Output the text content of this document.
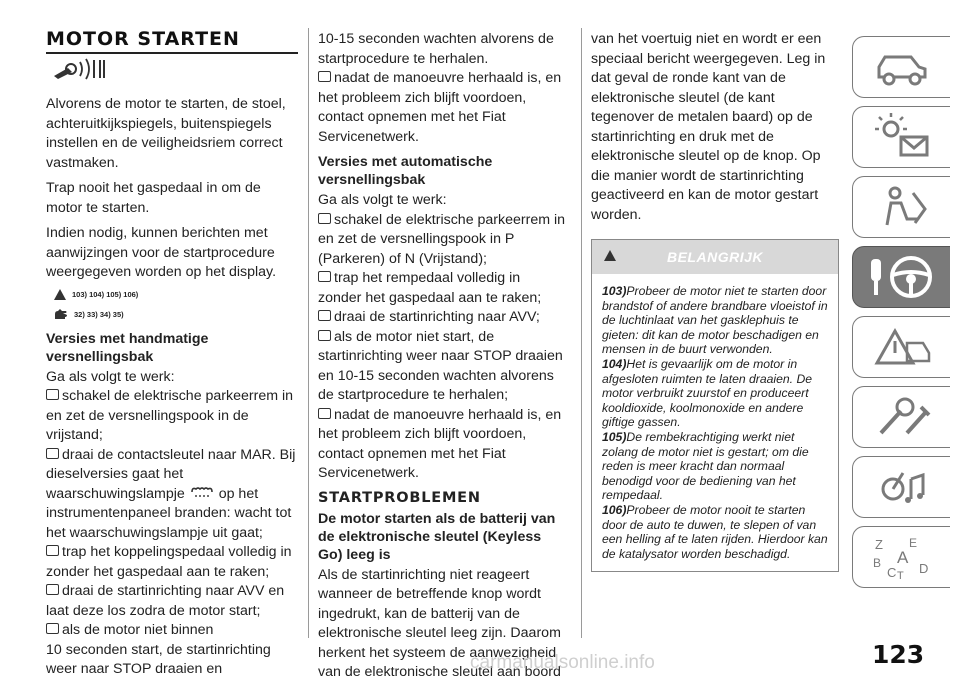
MOTOR STARTEN

Alvorens de motor te starten, de stoel, achteruitkijkspiegels, buitenspiegels instellen en de veiligheidsriem correct vastmaken.

Trap nooit het gaspedaal in om de motor te starten.

Indien nodig, kunnen berichten met aanwijzingen voor de startprocedure weergegeven worden op het display.

103) 104) 105) 106)
32) 33) 34) 35)
Versies met handmatige versnellingsbak

Ga als volgt te werk:

schakel de elektrische parkeerrem in en zet de versnellingspook in de vrijstand;

draai de contactsleutel naar MAR. Bij dieselversies gaat het waarschuwingslampje op het instrumentenpaneel branden: wacht tot het waarschuwingslampje uit gaat;

trap het koppelingspedaal volledig in zonder het gaspedaal aan te raken;

draai de startinrichting naar AVV en laat deze los zodra de motor start;

als de motor niet binnen

10 seconden start, de startinrichting weer naar STOP draaien en

10-15 seconden wachten alvorens de startprocedure te herhalen.

nadat de manoeuvre herhaald is, en het probleem zich blijft voordoen, contact opnemen met het Fiat Servicenetwerk.

Versies met automatische versnellingsbak

Ga als volgt te werk:

schakel de elektrische parkeerrem in en zet de versnellingspook in P (Parkeren) of N (Vrijstand);

trap het rempedaal volledig in zonder het gaspedaal aan te raken;

draai de startinrichting naar AVV;

als de motor niet start, de startinrichting weer naar STOP draaien en 10-15 seconden wachten alvorens de startprocedure te herhalen;

nadat de manoeuvre herhaald is, en het probleem zich blijft voordoen, contact opnemen met het Fiat Servicenetwerk.

STARTPROBLEMEN
De motor starten als de batterij van de elektronische sleutel (Keyless Go) leeg is

Als de startinrichting niet reageert wanneer de betreffende knop wordt ingedrukt, kan de batterij van de elektronische sleutel leeg zijn. Daarom herkent het systeem de aanwezigheid van de elektronische sleutel aan boord

van het voertuig niet en wordt er een speciaal bericht weergegeven. Leg in dat geval de ronde kant van de elektronische sleutel (de kant tegenover de metalen baard) op de startinrichting en druk met de elektronische sleutel op de knop. Op die manier wordt de startinrichting geactiveerd en kan de motor gestart worden.

BELANGRIJK

103)Probeer de motor niet te starten door brandstof of andere brandbare vloeistof in de luchtinlaat van het gasklephuis te gieten: dit kan de motor beschadigen en mensen in de buurt verwonden.

104)Het is gevaarlijk om de motor in afgesloten ruimten te laten draaien. De motor verbruikt zuurstof en produceert kooldioxide, koolmonoxide en andere giftige gassen.

105)De rembekrachtiging werkt niet zolang de motor niet is gestart; om die reden is meer kracht dan normaal benodigd voor de bediening van het rempedaal.

106)Probeer de motor nooit te starten door de auto te duwen, te slepen of van een helling af te laten rijden. Hierdoor kan de katalysator worden beschadigd.

Z E
A
B
C T D
123
carmanualsonline.info
